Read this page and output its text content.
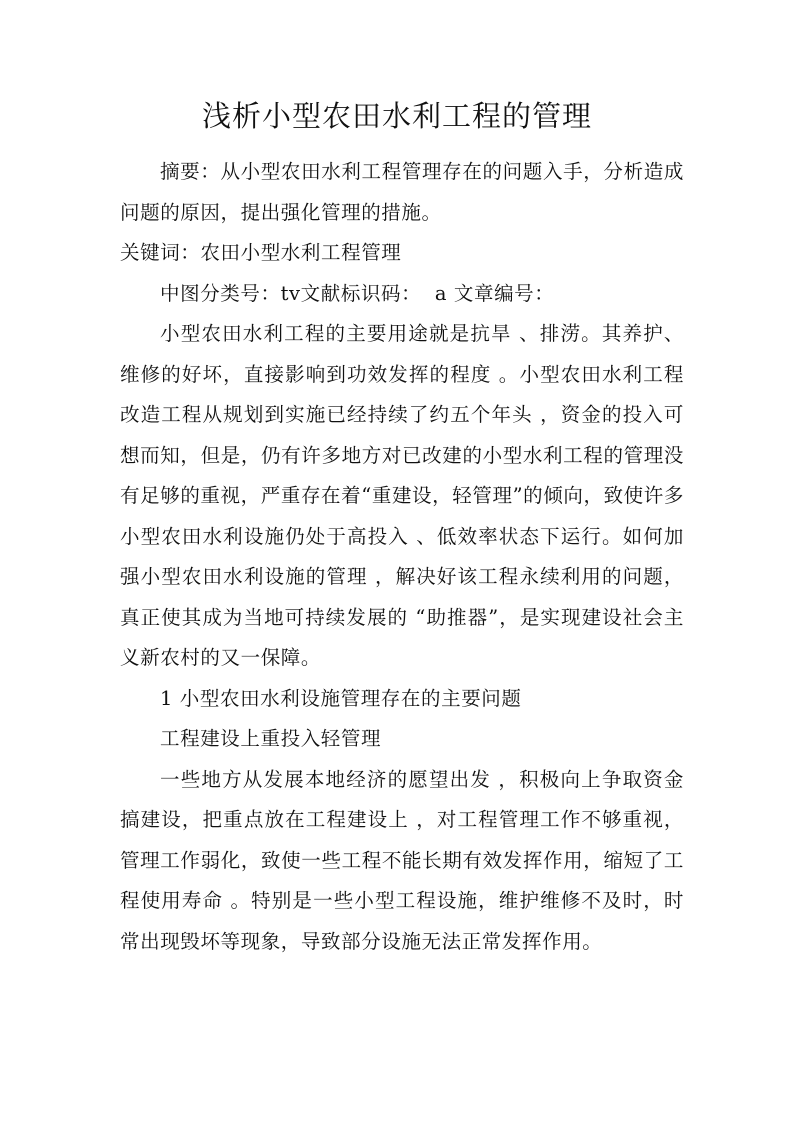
浅析小型农田水利工程的管理

摘要：从小型农田水利工程管理存在的问题入手，分析造成问题的原因，提出强化管理的措施。

关键词：农田小型水利工程管理

中图分类号：tv文献标识码：  a 文章编号：

小型农田水利工程的主要用途就是抗旱 、排涝。其养护、维修的好坏，直接影响到功效发挥的程度 。小型农田水利工程改造工程从规划到实施已经持续了约五个年头 ，资金的投入可想而知，但是，仍有许多地方对已改建的小型水利工程的管理没有足够的重视，严重存在着“重建设，轻管理”的倾向，致使许多小型农田水利设施仍处于高投入 、低效率状态下运行。如何加强小型农田水利设施的管理 ，解决好该工程永续利用的问题，真正使其成为当地可持续发展的 “助推器”，是实现建设社会主义新农村的又一保障。

1 小型农田水利设施管理存在的主要问题

工程建设上重投入轻管理

一些地方从发展本地经济的愿望出发 ，积极向上争取资金搞建设，把重点放在工程建设上 ，对工程管理工作不够重视，管理工作弱化，致使一些工程不能长期有效发挥作用，缩短了工程使用寿命 。特别是一些小型工程设施，维护维修不及时，时常出现毁坏等现象，导致部分设施无法正常发挥作用。
